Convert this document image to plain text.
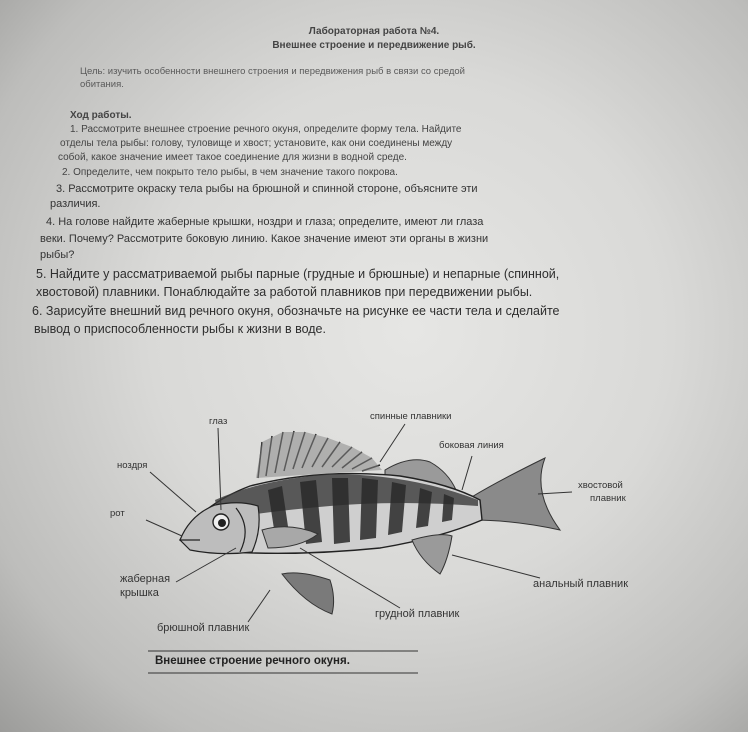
Лабораторная работа №4.
Внешнее строение и передвижение рыб.
Цель: изучить особенности внешнего строения и передвижения рыб в связи со средой
обитания.
Ход работы.
1. Рассмотрите внешнее строение речного окуня, определите форму тела. Найдите
отделы тела рыбы: голову, туловище и хвост; установите, как они соединены между
собой, какое значение имеет такое соединение для жизни в водной среде.
2. Определите, чем покрыто тело рыбы, в чем значение такого покрова.
3. Рассмотрите окраску тела рыбы на брюшной и спинной стороне, объясните эти
различия.
4. На голове найдите жаберные крышки, ноздри и глаза; определите, имеют ли глаза
веки. Почему? Рассмотрите боковую линию. Какое значение имеют эти органы в жизни
рыбы?
5. Найдите у рассматриваемой рыбы парные (грудные и брюшные) и непарные (спинной,
хвостовой) плавники. Понаблюдайте за работой плавников при передвижении рыбы.
6. Зарисуйте внешний вид речного окуня, обозначьте на рисунке ее части тела и сделайте
вывод о приспособленности рыбы к жизни в воде.
глаз	спинные плавники
боковая линия
ноздря
хвостовой
плавник
рот
жаберная
крышка
анальный плавник
грудной плавник
брюшной плавник
Внешнее строение речного окуня.
